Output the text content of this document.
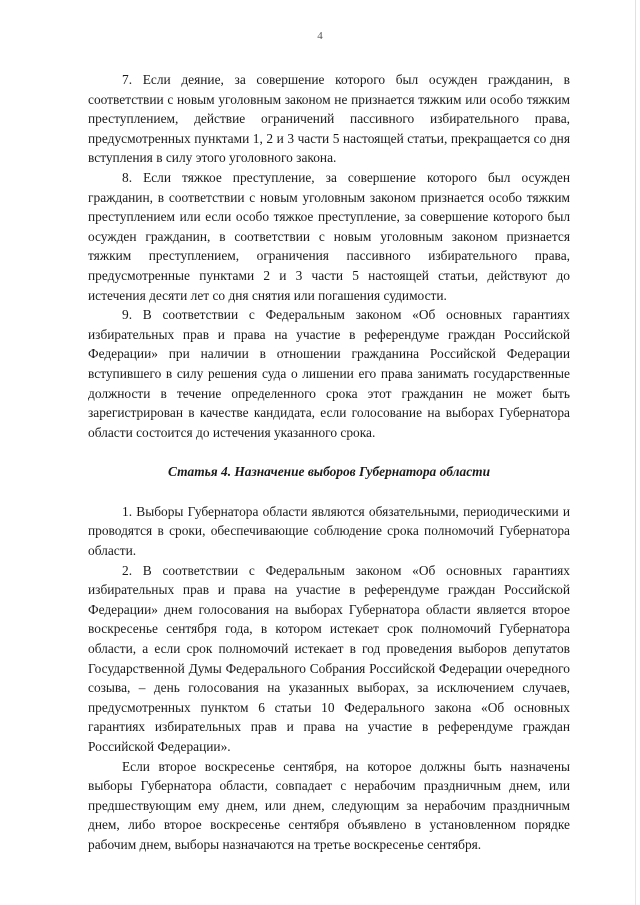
4

7. Если деяние, за совершение которого был осужден гражданин, в соответствии с новым уголовным законом не признается тяжким или особо тяжким преступлением, действие ограничений пассивного избирательного права, предусмотренных пунктами 1, 2 и 3 части 5 настоящей статьи, прекращается со дня вступления в силу этого уголовного закона.

8. Если тяжкое преступление, за совершение которого был осужден гражданин, в соответствии с новым уголовным законом признается особо тяжким преступлением или если особо тяжкое преступление, за совершение которого был осужден гражданин, в соответствии с новым уголовным законом признается тяжким преступлением, ограничения пассивного избирательного права, предусмотренные пунктами 2 и 3 части 5 настоящей статьи, действуют до истечения десяти лет со дня снятия или погашения судимости.

9. В соответствии с Федеральным законом «Об основных гарантиях избирательных прав и права на участие в референдуме граждан Российской Федерации» при наличии в отношении гражданина Российской Федерации вступившего в силу решения суда о лишении его права занимать государственные должности в течение определенного срока этот гражданин не может быть зарегистрирован в качестве кандидата, если голосование на выборах Губернатора области состоится до истечения указанного срока.

Статья 4. Назначение выборов Губернатора области

1. Выборы Губернатора области являются обязательными, периодическими и проводятся в сроки, обеспечивающие соблюдение срока полномочий Губернатора области.

2. В соответствии с Федеральным законом «Об основных гарантиях избирательных прав и права на участие в референдуме граждан Российской Федерации» днем голосования на выборах Губернатора области является второе воскресенье сентября года, в котором истекает срок полномочий Губернатора области, а если срок полномочий истекает в год проведения выборов депутатов Государственной Думы Федерального Собрания Российской Федерации очередного созыва, – день голосования на указанных выборах, за исключением случаев, предусмотренных пунктом 6 статьи 10 Федерального закона «Об основных гарантиях избирательных прав и права на участие в референдуме граждан Российской Федерации».

Если второе воскресенье сентября, на которое должны быть назначены выборы Губернатора области, совпадает с нерабочим праздничным днем, или предшествующим ему днем, или днем, следующим за нерабочим праздничным днем, либо второе воскресенье сентября объявлено в установленном порядке рабочим днем, выборы назначаются на третье воскресенье сентября.
